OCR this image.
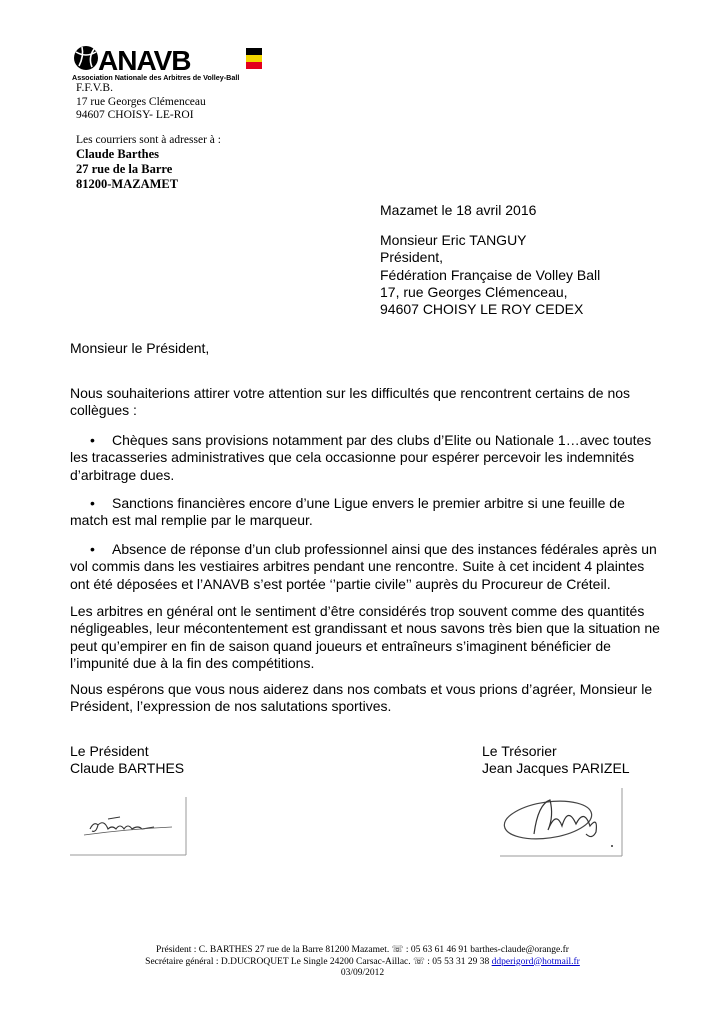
ANAVB
Association Nationale des Arbitres de Volley-Ball
F.F.V.B.
17 rue Georges Clémenceau
94607 CHOISY- LE-ROI
Les courriers sont à adresser à :
Claude Barthes
27 rue de la Barre
81200-MAZAMET
Mazamet le 18 avril 2016
Monsieur Eric TANGUY
Président,
Fédération Française de Volley Ball
17, rue Georges Clémenceau,
94607 CHOISY LE ROY CEDEX
Monsieur le Président,
Nous souhaiterions attirer votre attention sur les difficultés que rencontrent certains de nos
collègues :
• Chèques sans provisions notamment par des clubs d’Elite ou Nationale 1…avec toutes
les tracasseries administratives que cela occasionne pour espérer percevoir les indemnités
d’arbitrage dues.
• Sanctions financières encore d’une Ligue envers le premier arbitre si une feuille de
match est mal remplie par le marqueur.
• Absence de réponse d’un club professionnel ainsi que des instances fédérales après un
vol commis dans les vestiaires arbitres pendant une rencontre. Suite à cet incident 4 plaintes
ont été déposées et l’ANAVB s’est portée ‘’partie civile’’ auprès du Procureur de Créteil.
Les arbitres en général ont le sentiment d’être considérés trop souvent comme des quantités
négligeables, leur mécontentement est grandissant et nous savons très bien que la situation ne
peut qu’empirer en fin de saison quand joueurs et entraîneurs s’imaginent bénéficier de
l’impunité due à la fin des compétitions.
Nous espérons que vous nous aiderez dans nos combats et vous prions d’agréer, Monsieur le
Président, l’expression de nos salutations sportives.
Le Président
Claude BARTHES
Le Trésorier
Jean Jacques PARIZEL
Président : C. BARTHES 27 rue de la Barre 81200 Mazamet. ☏ : 05 63 61 46 91 barthes-claude@orange.fr
Secrétaire général : D.DUCROQUET Le Single 24200 Carsac-Aillac. ☏ : 05 53 31 29 38 ddperigord@hotmail.fr
03/09/2012
